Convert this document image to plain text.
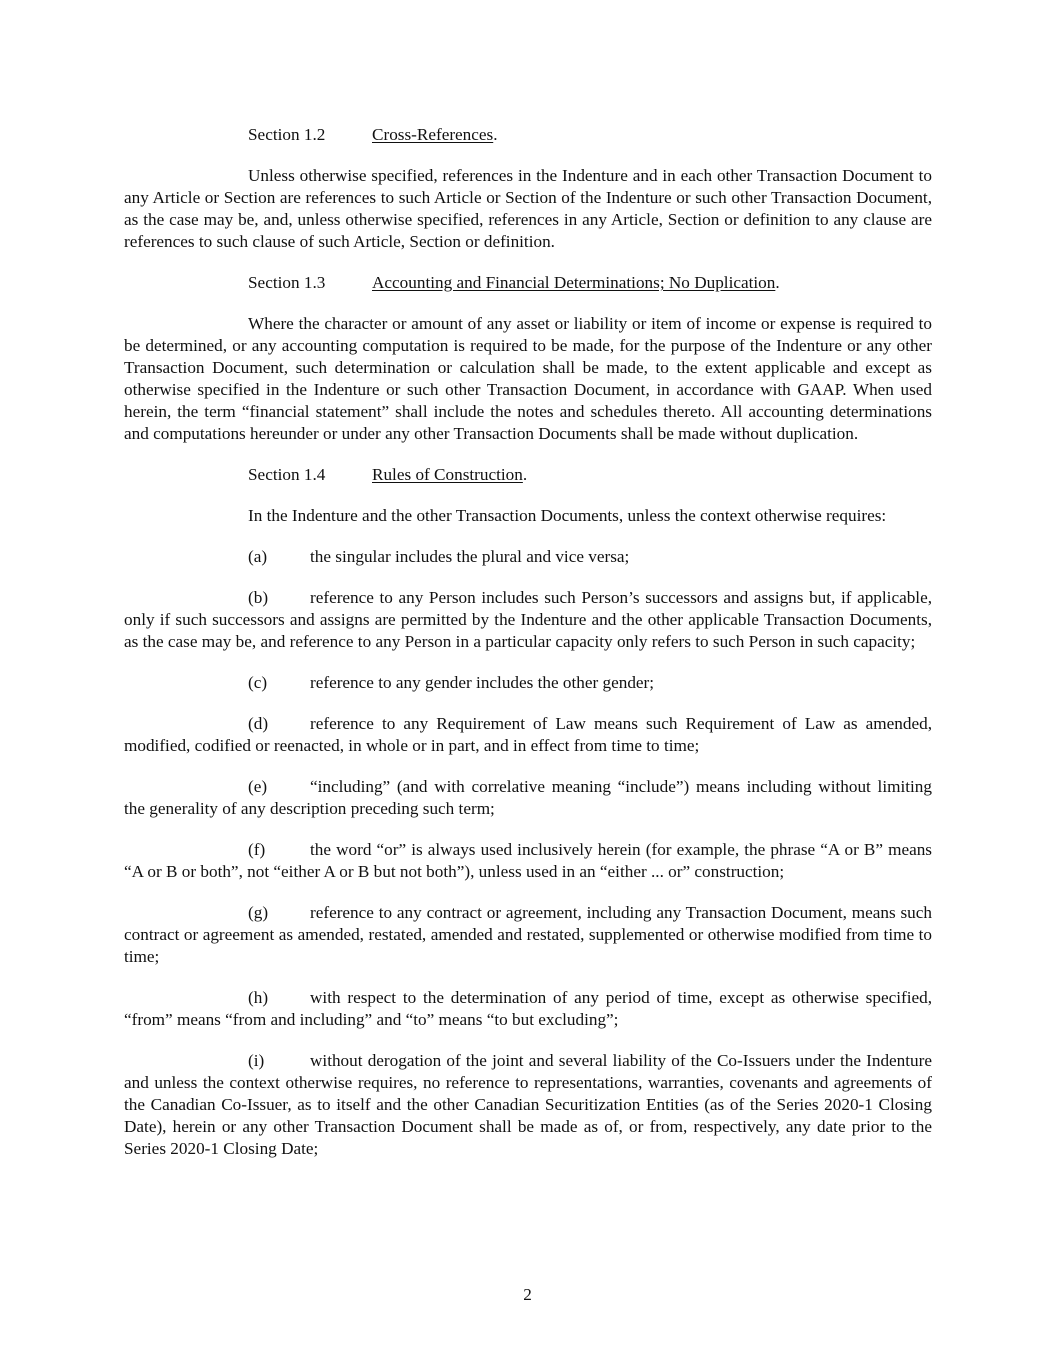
Section 1.2	Cross-References.

Unless otherwise specified, references in the Indenture and in each other Transaction Document to any Article or Section are references to such Article or Section of the Indenture or such other Transaction Document, as the case may be, and, unless otherwise specified, references in any Article, Section or definition to any clause are references to such clause of such Article, Section or definition.

Section 1.3	Accounting and Financial Determinations; No Duplication.

Where the character or amount of any asset or liability or item of income or expense is required to be determined, or any accounting computation is required to be made, for the purpose of the Indenture or any other Transaction Document, such determination or calculation shall be made, to the extent applicable and except as otherwise specified in the Indenture or such other Transaction Document, in accordance with GAAP. When used herein, the term “financial statement” shall include the notes and schedules thereto. All accounting determinations and computations hereunder or under any other Transaction Documents shall be made without duplication.

Section 1.4	Rules of Construction.

In the Indenture and the other Transaction Documents, unless the context otherwise requires:

(a) the singular includes the plural and vice versa;

(b) reference to any Person includes such Person’s successors and assigns but, if applicable, only if such successors and assigns are permitted by the Indenture and the other applicable Transaction Documents, as the case may be, and reference to any Person in a particular capacity only refers to such Person in such capacity;

(c) reference to any gender includes the other gender;

(d) reference to any Requirement of Law means such Requirement of Law as amended, modified, codified or reenacted, in whole or in part, and in effect from time to time;

(e) “including” (and with correlative meaning “include”) means including without limiting the generality of any description preceding such term;

(f)	the word “or” is always used inclusively herein (for example, the phrase “A or B” means “A or B or both”, not “either A or B but not both”), unless used in an “either ... or” construction;

(g) reference to any contract or agreement, including any Transaction Document, means such contract or agreement as amended, restated, amended and restated, supplemented or otherwise modified from time to time;

(h) with respect to the determination of any period of time, except as otherwise specified, “from” means “from and including” and “to” means “to but excluding”;

(i)	without derogation of the joint and several liability of the Co-Issuers under the Indenture and unless the context otherwise requires, no reference to representations, warranties, covenants and agreements of the Canadian Co-Issuer, as to itself and the other Canadian Securitization Entities (as of the Series 2020-1 Closing Date), herein or any other Transaction Document shall be made as of, or from, respectively, any date prior to the Series 2020-1 Closing Date;

2
